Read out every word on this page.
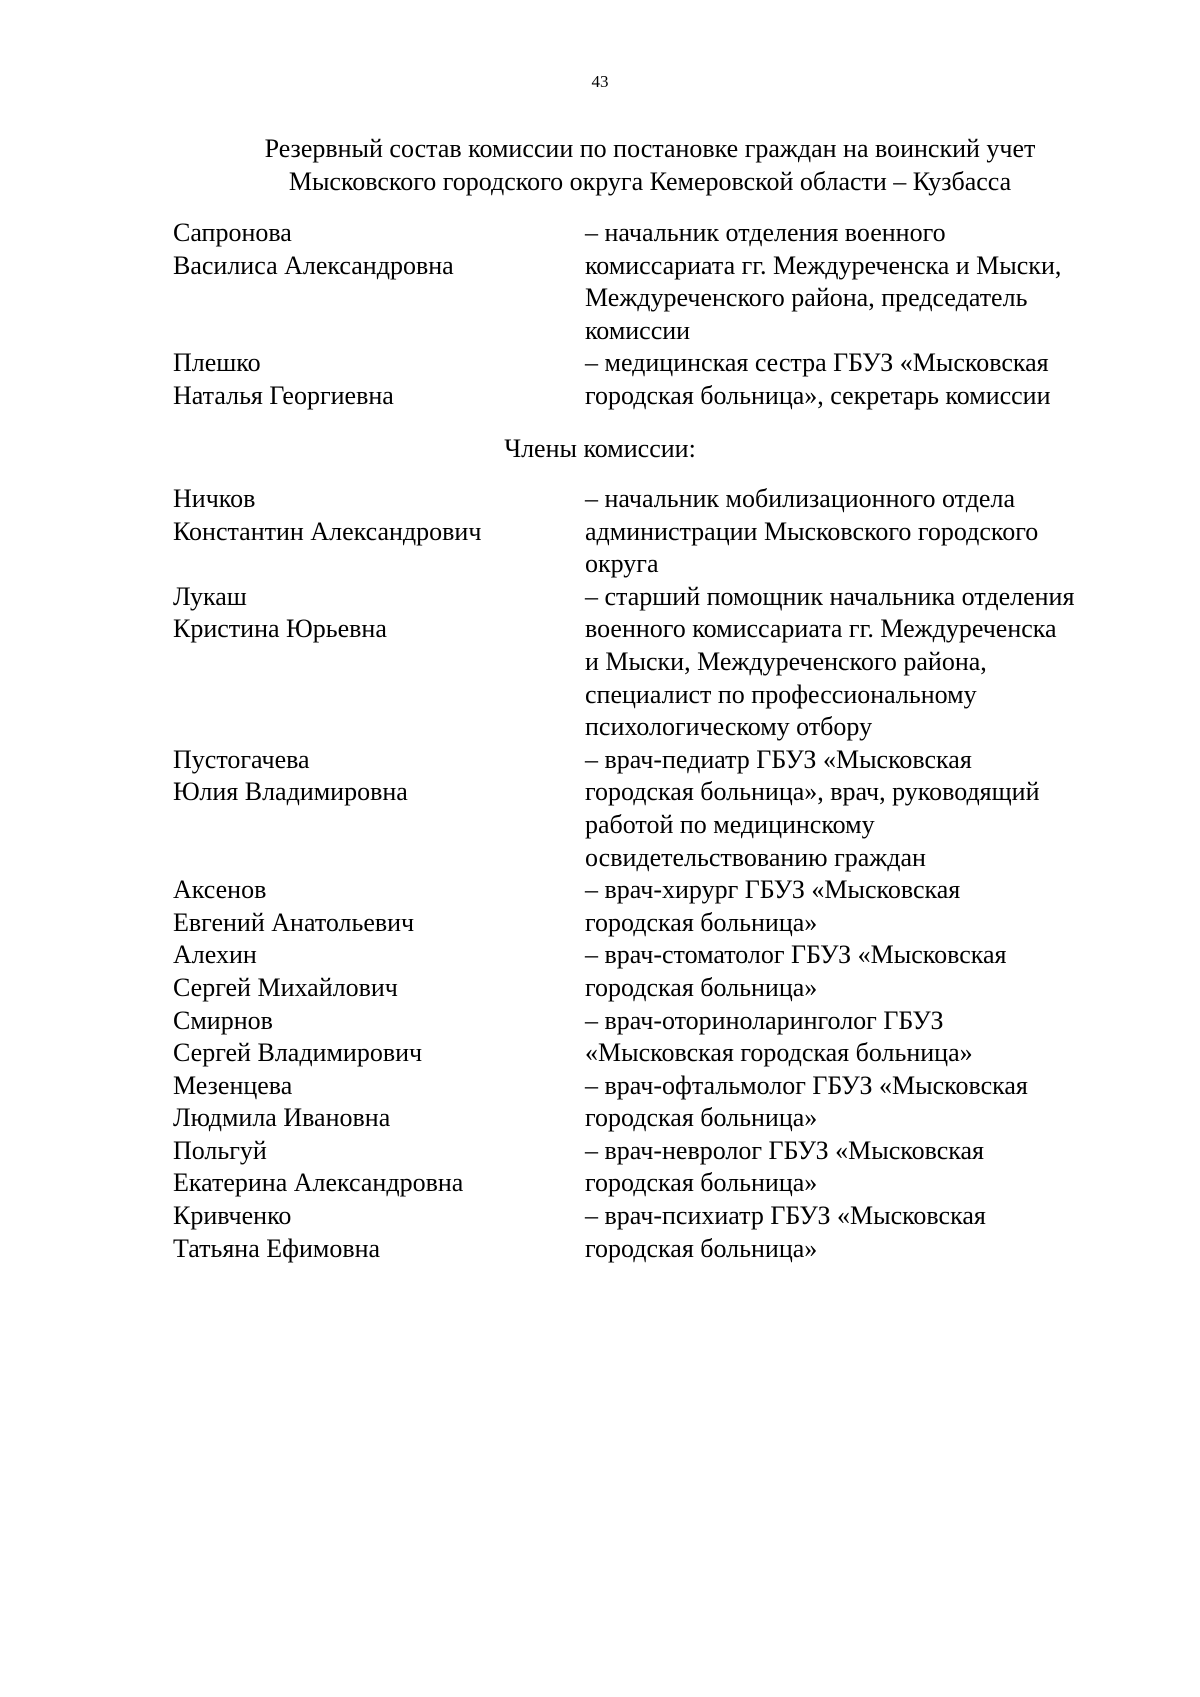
43
Резервный состав комиссии по постановке граждан на воинский учет
Мысковского городского округа Кемеровской области – Кузбасса
Сапронова
Василиса Александровна
– начальник отделения военного
комиссариата гг. Междуреченска и Мыски,
Междуреченского района, председатель
комиссии
Плешко
Наталья Георгиевна
– медицинская сестра ГБУЗ «Мысковская
городская больница», секретарь комиссии
Члены комиссии:
Ничков
Константин Александрович
– начальник мобилизационного отдела
администрации Мысковского городского
округа
Лукаш
Кристина Юрьевна
– старший помощник начальника отделения
военного комиссариата гг. Междуреченска
и Мыски, Междуреченского района,
специалист по профессиональному
психологическому отбору
Пустогачева
Юлия Владимировна
– врач-педиатр ГБУЗ «Мысковская
городская больница», врач, руководящий
работой по медицинскому
освидетельствованию граждан
Аксенов
Евгений Анатольевич
– врач-хирург ГБУЗ «Мысковская
городская больница»
Алехин
Сергей Михайлович
– врач-стоматолог ГБУЗ «Мысковская
городская больница»
Смирнов
Сергей Владимирович
– врач-оториноларинголог ГБУЗ
«Мысковская городская больница»
Мезенцева
Людмила Ивановна
– врач-офтальмолог ГБУЗ «Мысковская
городская больница»
Польгуй
Екатерина Александровна
– врач-невролог ГБУЗ «Мысковская
городская больница»
Кривченко
Татьяна Ефимовна
– врач-психиатр ГБУЗ «Мысковская
городская больница»
